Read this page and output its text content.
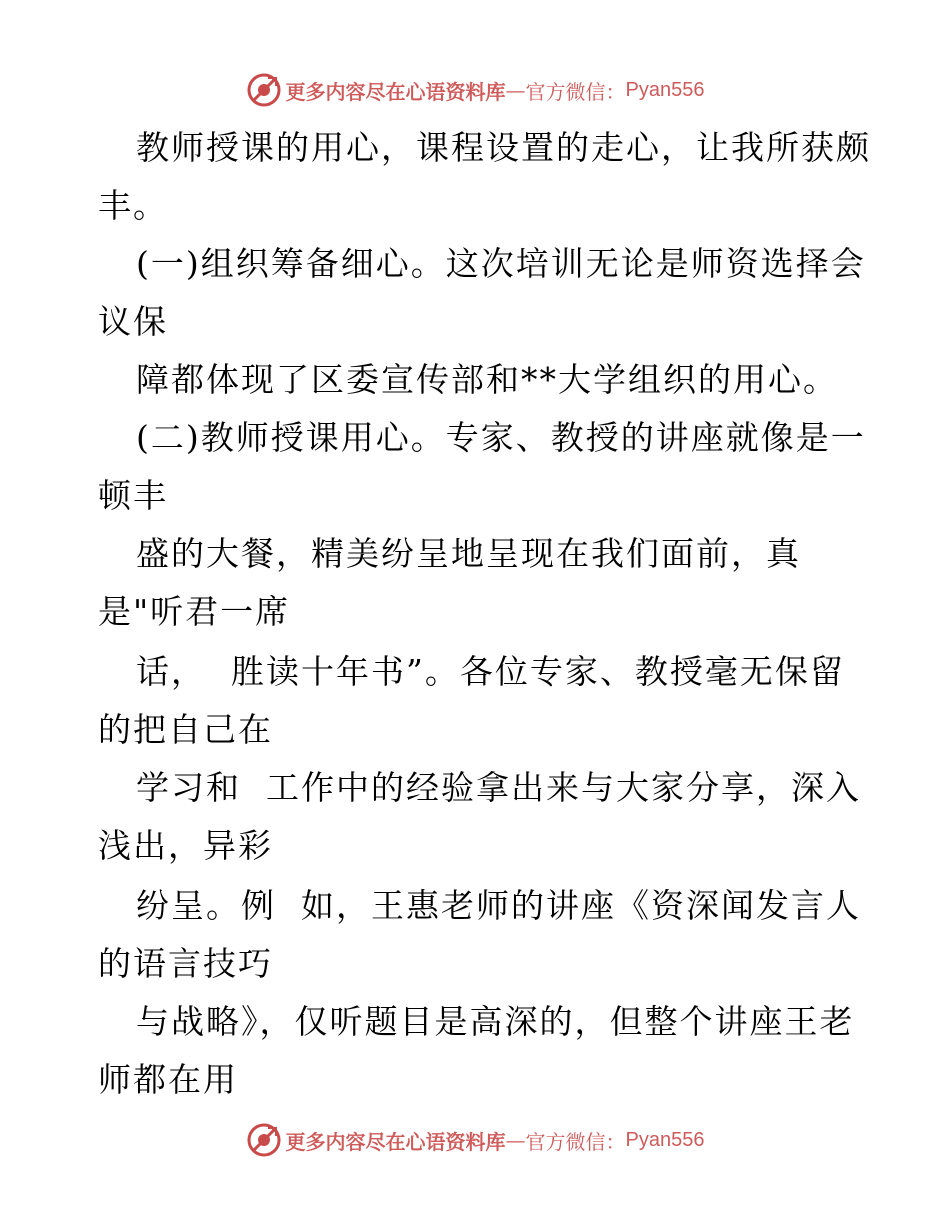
更多内容尽在心语资料库 — 官方微信： Pyan556
教师授课的用心，课程设置的走心，让我所获颇
丰。
(一)组织筹备细心。这次培训无论是师资选择会
议保
障都体现了区委宣传部和**大学组织的用心。
(二)教师授课用心。专家、教授的讲座就像是一
顿丰
盛的大餐，精美纷呈地呈现在我们面前，真
是"听君一席
话，  胜读十年书”。各位专家、教授毫无保留
的把自己在
学习和  工作中的经验拿出来与大家分享，深入
浅出，异彩
纷呈。例  如，王惠老师的讲座《资深闻发言人
的语言技巧
与战略》，仅听题目是高深的，但整个讲座王老
师都在用
更多内容尽在心语资料库 — 官方微信： Pyan556
